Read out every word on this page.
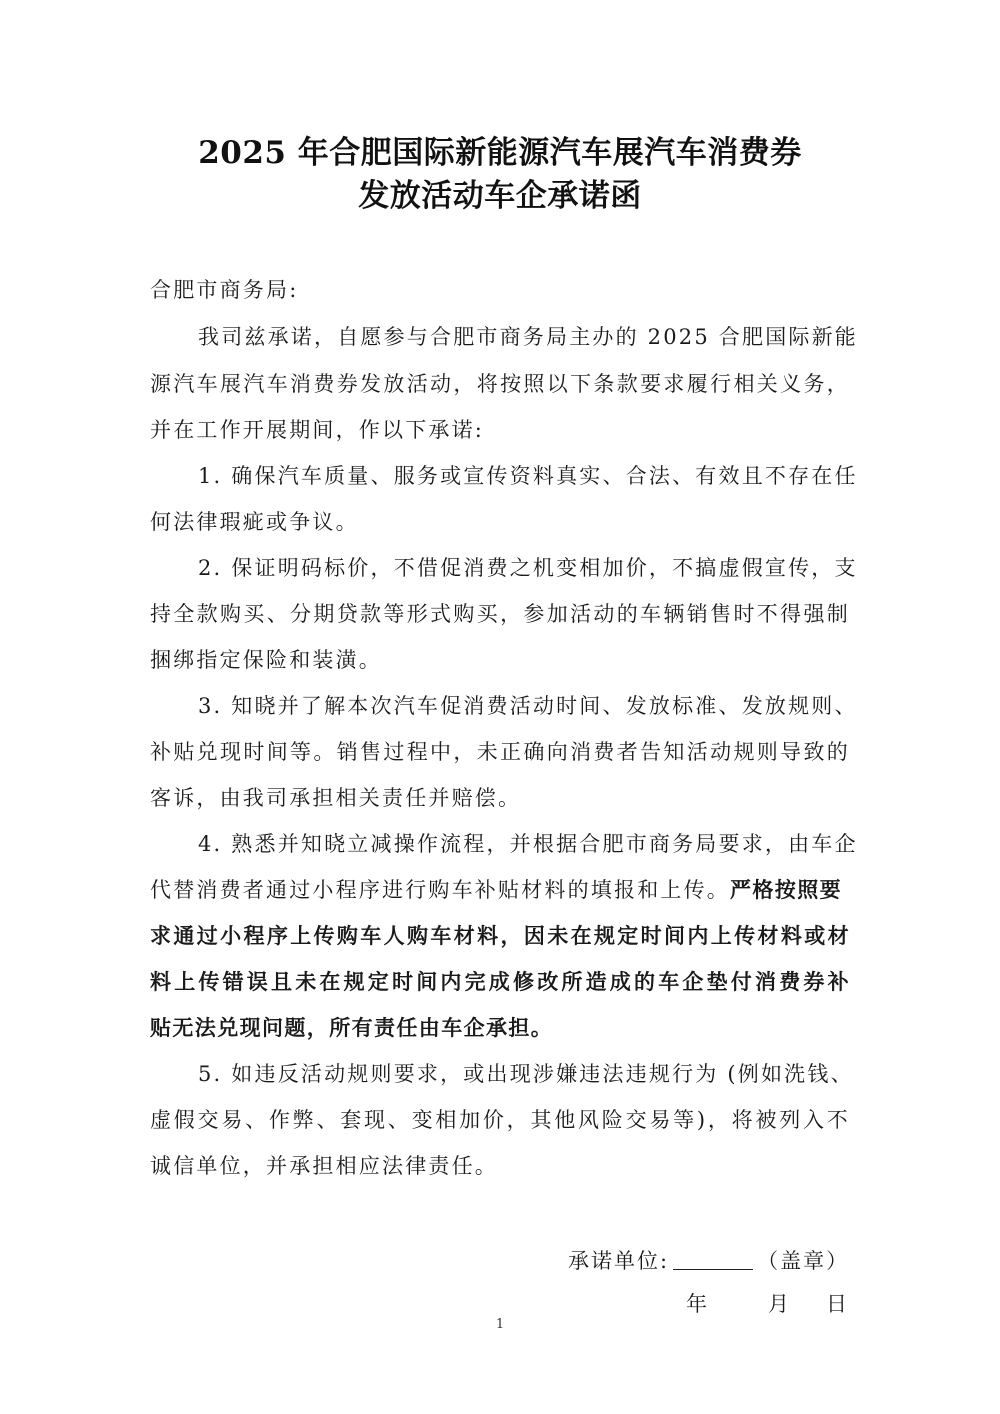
2025 年合肥国际新能源汽车展汽车消费券
发放活动车企承诺函
合肥市商务局:
我司兹承诺，自愿参与合肥市商务局主办的 2025 合肥国际新能
源汽车展汽车消费券发放活动，将按照以下条款要求履行相关义务，
并在工作开展期间，作以下承诺:
1. 确保汽车质量、服务或宣传资料真实、合法、有效且不存在任
何法律瑕疵或争议。
2. 保证明码标价，不借促消费之机变相加价，不搞虚假宣传，支
持全款购买、分期贷款等形式购买，参加活动的车辆销售时不得强制
捆绑指定保险和装潢。
3. 知晓并了解本次汽车促消费活动时间、发放标准、发放规则、
补贴兑现时间等。销售过程中，未正确向消费者告知活动规则导致的
客诉，由我司承担相关责任并赔偿。
4. 熟悉并知晓立减操作流程，并根据合肥市商务局要求，由车企
代替消费者通过小程序进行购车补贴材料的填报和上传。严格按照要
求通过小程序上传购车人购车材料，因未在规定时间内上传材料或材
料上传错误且未在规定时间内完成修改所造成的车企垫付消费券补
贴无法兑现问题，所有责任由车企承担。
5. 如违反活动规则要求，或出现涉嫌违法违规行为 (例如洗钱、
虚假交易、作弊、套现、变相加价，其他风险交易等)，将被列入不
诚信单位，并承担相应法律责任。
承诺单位:	（盖章）
年	月 日
1
